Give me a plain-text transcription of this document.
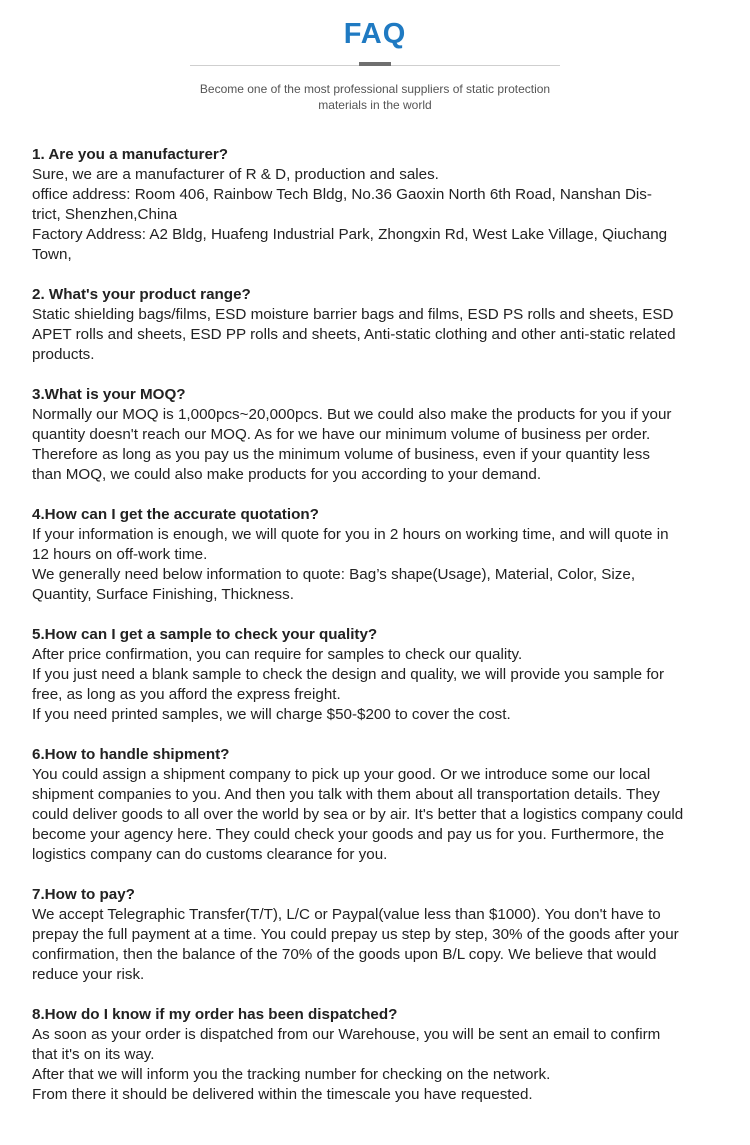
FAQ
Become one of the most professional suppliers of static protection
materials in the world
1. Are you a manufacturer?
Sure, we are a manufacturer of R & D, production and sales.
office address: Room 406, Rainbow Tech Bldg, No.36 Gaoxin North 6th Road, Nanshan Dis-
trict, Shenzhen,China
Factory Address: A2 Bldg, Huafeng Industrial Park, Zhongxin Rd, West Lake Village, Qiuchang
Town,
2. What's your product range?
Static shielding bags/films, ESD moisture barrier bags and films, ESD PS rolls and sheets, ESD
APET rolls and sheets, ESD PP rolls and sheets, Anti-static clothing and other anti-static related
products.
3.What is your MOQ?
Normally our MOQ is 1,000pcs~20,000pcs. But we could also make the products for you if your
quantity doesn't reach our MOQ. As for we have our minimum volume of business per order.
Therefore as long as you pay us the minimum volume of business, even if your quantity less
than MOQ, we could also make products for you according to your demand.
4.How can I get the accurate quotation?
If your information is enough, we will quote for you in 2 hours on working time, and will quote in
12 hours on off-work time.
We generally need below information to quote: Bag’s shape(Usage), Material, Color, Size,
Quantity, Surface Finishing, Thickness.
5.How can I get a sample to check your quality?
After price confirmation, you can require for samples to check our quality.
If you just need a blank sample to check the design and quality, we will provide you sample for
free, as long as you afford the express freight.
If you need printed samples, we will charge $50-$200 to cover the cost.
6.How to handle shipment?
You could assign a shipment company to pick up your good. Or we introduce some our local
shipment companies to you. And then you talk with them about all transportation details. They
could deliver goods to all over the world by sea or by air. It's better that a logistics company could
become your agency here. They could check your goods and pay us for you. Furthermore, the
logistics company can do customs clearance for you.
7.How to pay?
We accept Telegraphic Transfer(T/T), L/C or Paypal(value less than $1000). You don't have to
prepay the full payment at a time. You could prepay us step by step, 30% of the goods after your
confirmation, then the balance of the 70% of the goods upon B/L copy. We believe that would
reduce your risk.
8.How do I know if my order has been dispatched?
As soon as your order is dispatched from our Warehouse, you will be sent an email to confirm
that it's on its way.
After that we will inform you the tracking number for checking on the network.
From there it should be delivered within the timescale you have requested.
